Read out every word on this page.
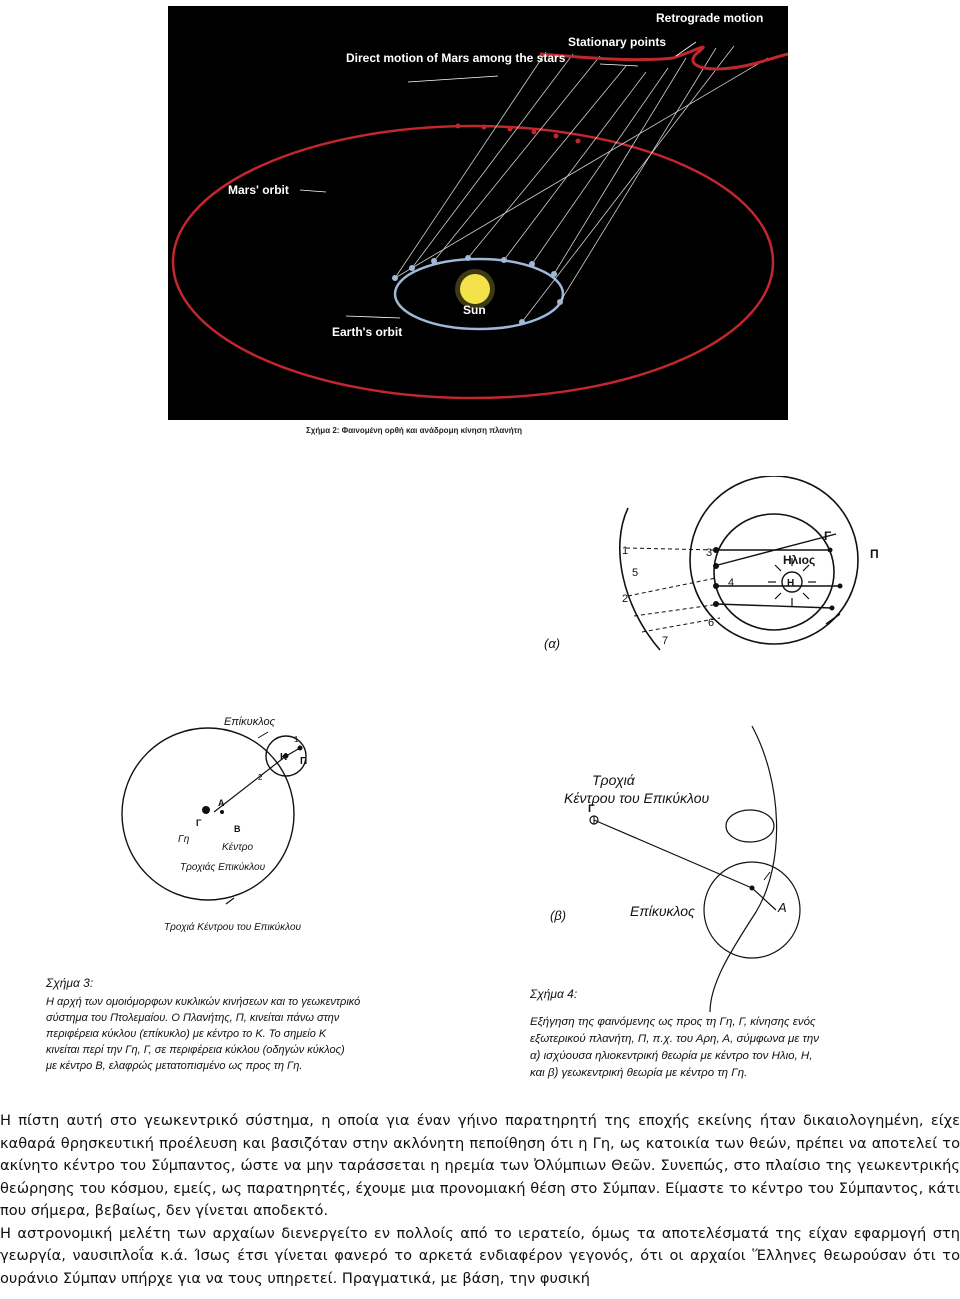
Retrograde motion
Stationary points
Direct motion of Mars among the stars
Mars' orbit
Sun
Earth's orbit
Σχήμα 2: Φαινομένη ορθή και ανάδρομη κίνηση πλανήτη
1
2
3
4
5
6
7
Ηλιος
Η
Γ
Π
(α)
Επίκυκλος
K Π
1
2
Γ
Α
B
Γη
Κέντρο
Τροχιάς Επικύκλου
Τροχιά Κέντρου του Επικύκλου
Σχήμα 3:
Η αρχή των ομοιόμορφων κυκλικών κινήσεων και το γεωκεντρικό σύστημα του Πτολεμαίου. Ο Πλανήτης, Π, κινείται πάνω στην περιφέρεια κύκλου (επίκυκλο) με κέντρο το Κ. Το σημείο Κ κινείται περί την Γη, Γ, σε περιφέρεια κύκλου (οδηγών κύκλος) με κέντρο Β, ελαφρώς μετατοπισμένο ως προς τη Γη.
Τροχιά
Κέντρου του Επικύκλου
Γ
Επίκυκλος	Α
(β)
Σχήμα 4:
Εξήγηση της φαινόμενης ως προς τη Γη, Γ, κίνησης ενός εξωτερικού πλανήτη, Π, π.χ. του Αρη, Α, σύμφωνα με την α) ισχύουσα ηλιοκεντρική θεωρία με κέντρο τον Ηλιο, Η, και β) γεωκεντρική θεωρία με κέντρο τη Γη.

Η πίστη αυτή στο γεωκεντρικό σύστημα, η οποία για έναν γήινο παρατηρητή της εποχής εκείνης ήταν δικαιολογημένη, είχε καθαρά θρησκευτική προέλευση και βασιζόταν στην ακλόνητη πεποίθηση ότι η Γη, ως κατοικία των θεών, πρέπει να αποτελεί το ακίνητο κέντρο του Σύμπαντος, ώστε να μην ταράσσεται η ηρεμία των Ὀλύμπιων Θεῶν. Συνεπώς, στο πλαίσιο της γεωκεντρικής θεώρησης του κόσμου, εμείς, ως παρατηρητές, έχουμε μια προνομιακή θέση στο Σύμπαν. Είμαστε το κέντρο του Σύμπαντος, κάτι που σήμερα, βεβαίως, δεν γίνεται αποδεκτό.

Η αστρονομική μελέτη των αρχαίων διενεργείτο εν πολλοίς από το ιερατείο, όμως τα αποτελέσματά της είχαν εφαρμογή στη γεωργία, ναυσιπλοΐα κ.ά. Ίσως έτσι γίνεται φανερό το αρκετά ενδιαφέρον γεγονός, ότι οι αρχαίοι Ἕλληνες θεωρούσαν ότι το ουράνιο Σύμπαν υπήρχε για να τους υπηρετεί. Πραγματικά, με βάση, την φυσική
